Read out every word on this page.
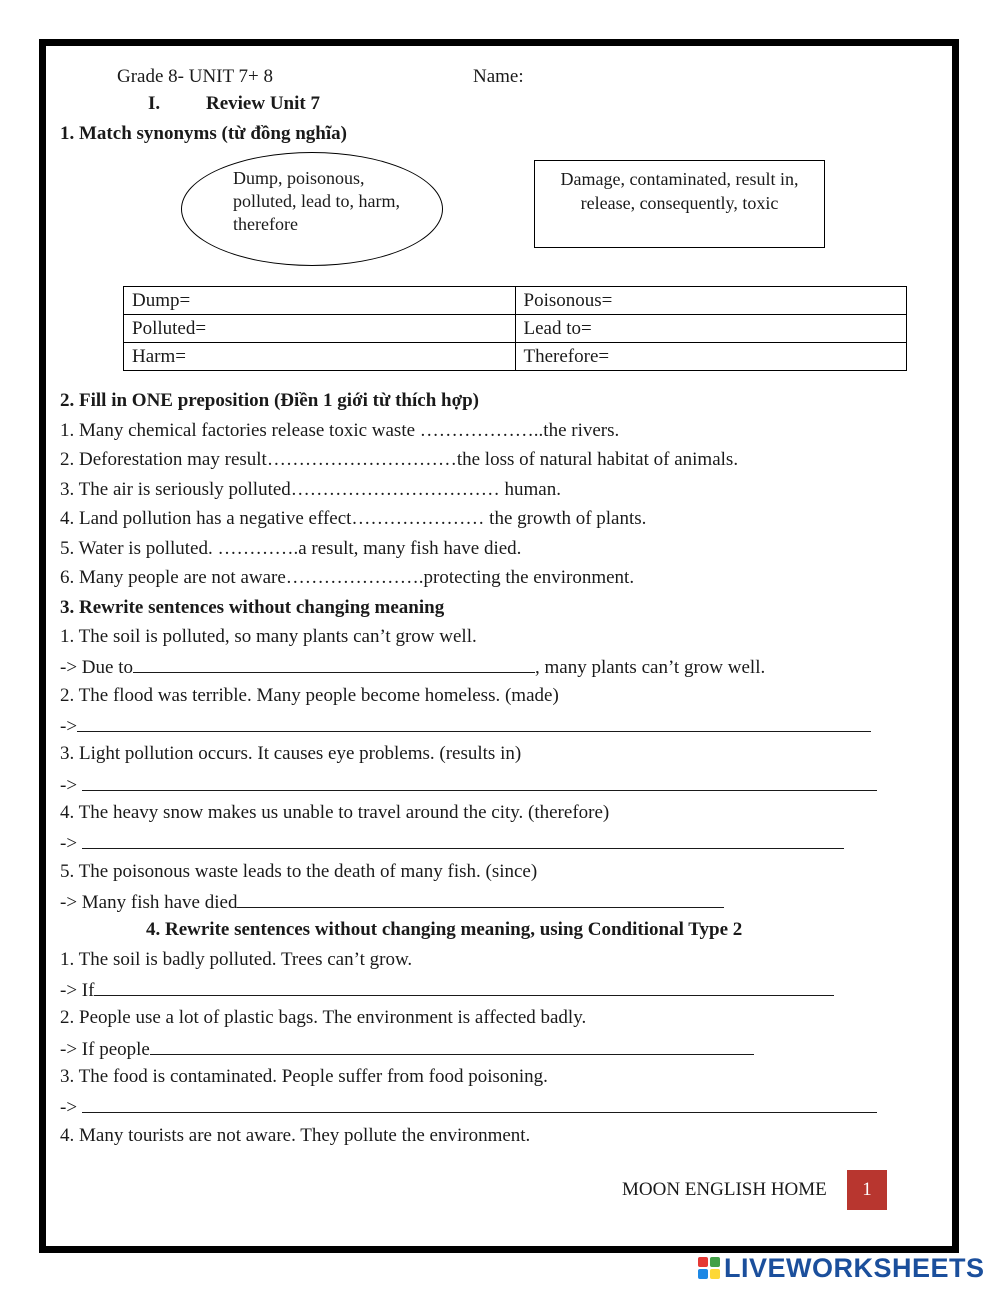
Grade 8- UNIT 7+ 8	Name:
I. Review Unit 7
1. Match synonyms (từ đồng nghĩa)
Dump, poisonous, polluted, lead to, harm, therefore
Damage, contaminated, result in, release, consequently, toxic
Dump=	Poisonous=
Polluted=	Lead to=
Harm=	Therefore=
2. Fill in ONE preposition (Điền 1 giới từ thích hợp)
1. Many chemical factories release toxic waste ………………..the rivers.
2. Deforestation may result…………………………the loss of natural habitat of animals.
3. The air is seriously polluted…………………………… human.
4. Land pollution has a negative effect………………… the growth of plants.
5. Water is polluted. ………….a result, many fish have died.
6. Many people are not aware………………….protecting the environment.
3. Rewrite sentences without changing meaning
1. The soil is polluted, so many plants can’t grow well.
-> Due to	, many plants can’t grow well.
2. The flood was terrible. Many people become homeless. (made)
->
3. Light pollution occurs. It causes eye problems. (results in)
->
4. The heavy snow makes us unable to travel around the city. (therefore)
->
5. The poisonous waste leads to the death of many fish. (since)
-> Many fish have died
4. Rewrite sentences without changing meaning, using Conditional Type 2
1. The soil is badly polluted. Trees can’t grow.
-> If
2. People use a lot of plastic bags. The environment is affected badly.
-> If people
3. The food is contaminated. People suffer from food poisoning.
->
4. Many tourists are not aware. They pollute the environment.
MOON ENGLISH HOME	1
LIVEWORKSHEETS
